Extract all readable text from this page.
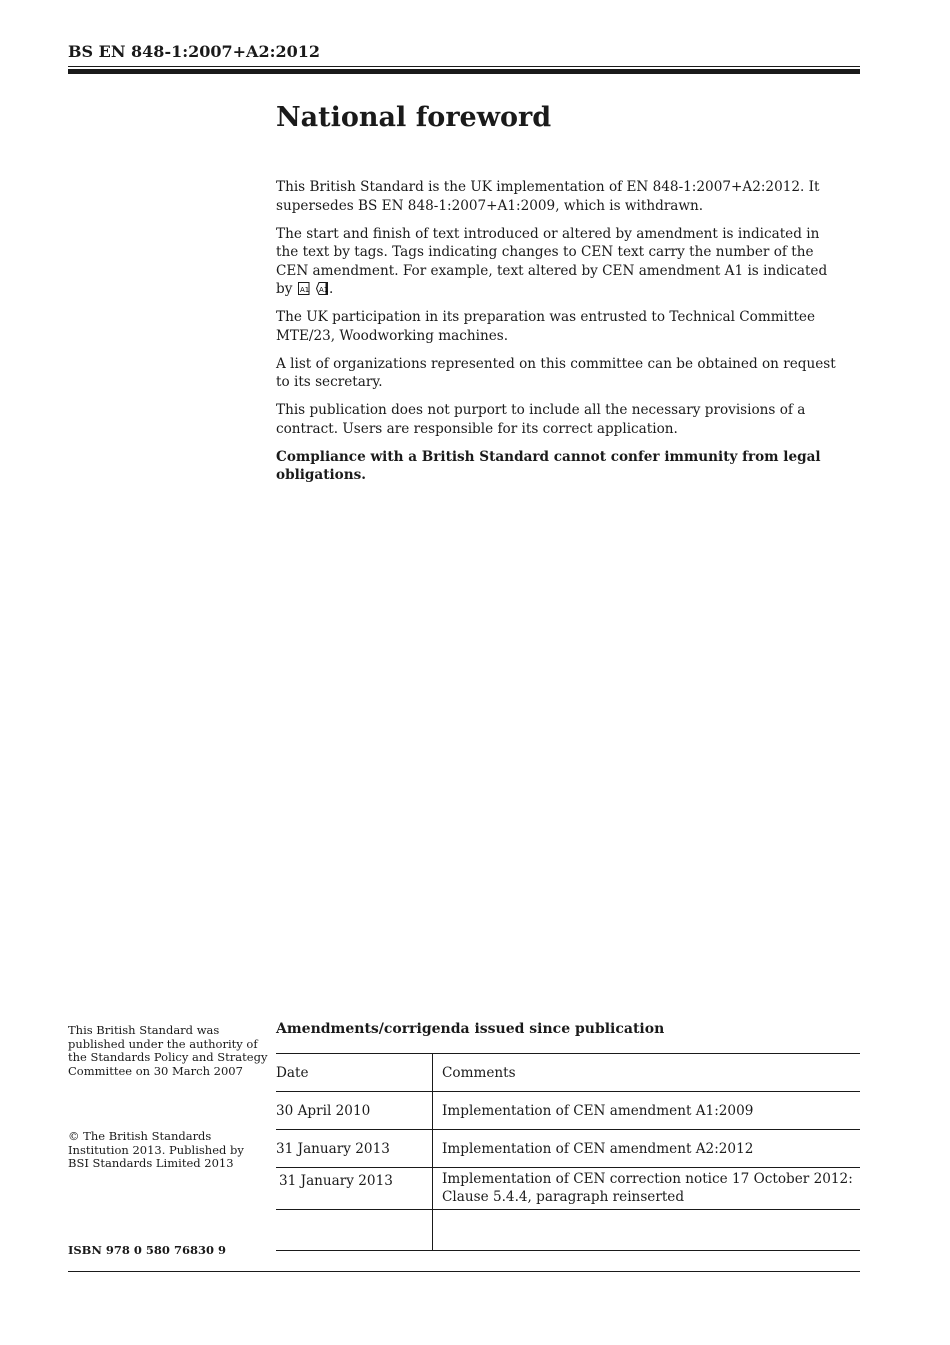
BS EN 848-1:2007+A2:2012
National foreword

This British Standard is the UK implementation of EN 848-1:2007+A2:2012. It supersedes BS EN 848-1:2007+A1:2009, which is withdrawn.

The start and finish of text introduced or altered by amendment is indicated in the text by tags. Tags indicating changes to CEN text carry the number of the CEN amendment. For example, text altered by CEN amendment A1 is indicated by A1
A1 .

The UK participation in its preparation was entrusted to Technical Committee MTE/23, Woodworking machines.

A list of organizations represented on this committee can be obtained on request to its secretary.

This publication does not purport to include all the necessary provisions of a contract. Users are responsible for its correct application.

Compliance with a British Standard cannot confer immunity from legal obligations.

This British Standard was published under the authority of the Standards Policy and Strategy Committee on 30 March 2007

© The British Standards Institution 2013. Published by BSI Standards Limited 2013

ISBN 978 0 580 76830 9
Amendments/corrigenda issued since publication
Date	Comments

30 April 2010	Implementation of CEN amendment A1:2009

31 January 2013	Implementation of CEN amendment A2:2012

31 January 2013	Implementation of CEN correction notice 17 October 2012:
Clause 5.4.4, paragraph reinserted
